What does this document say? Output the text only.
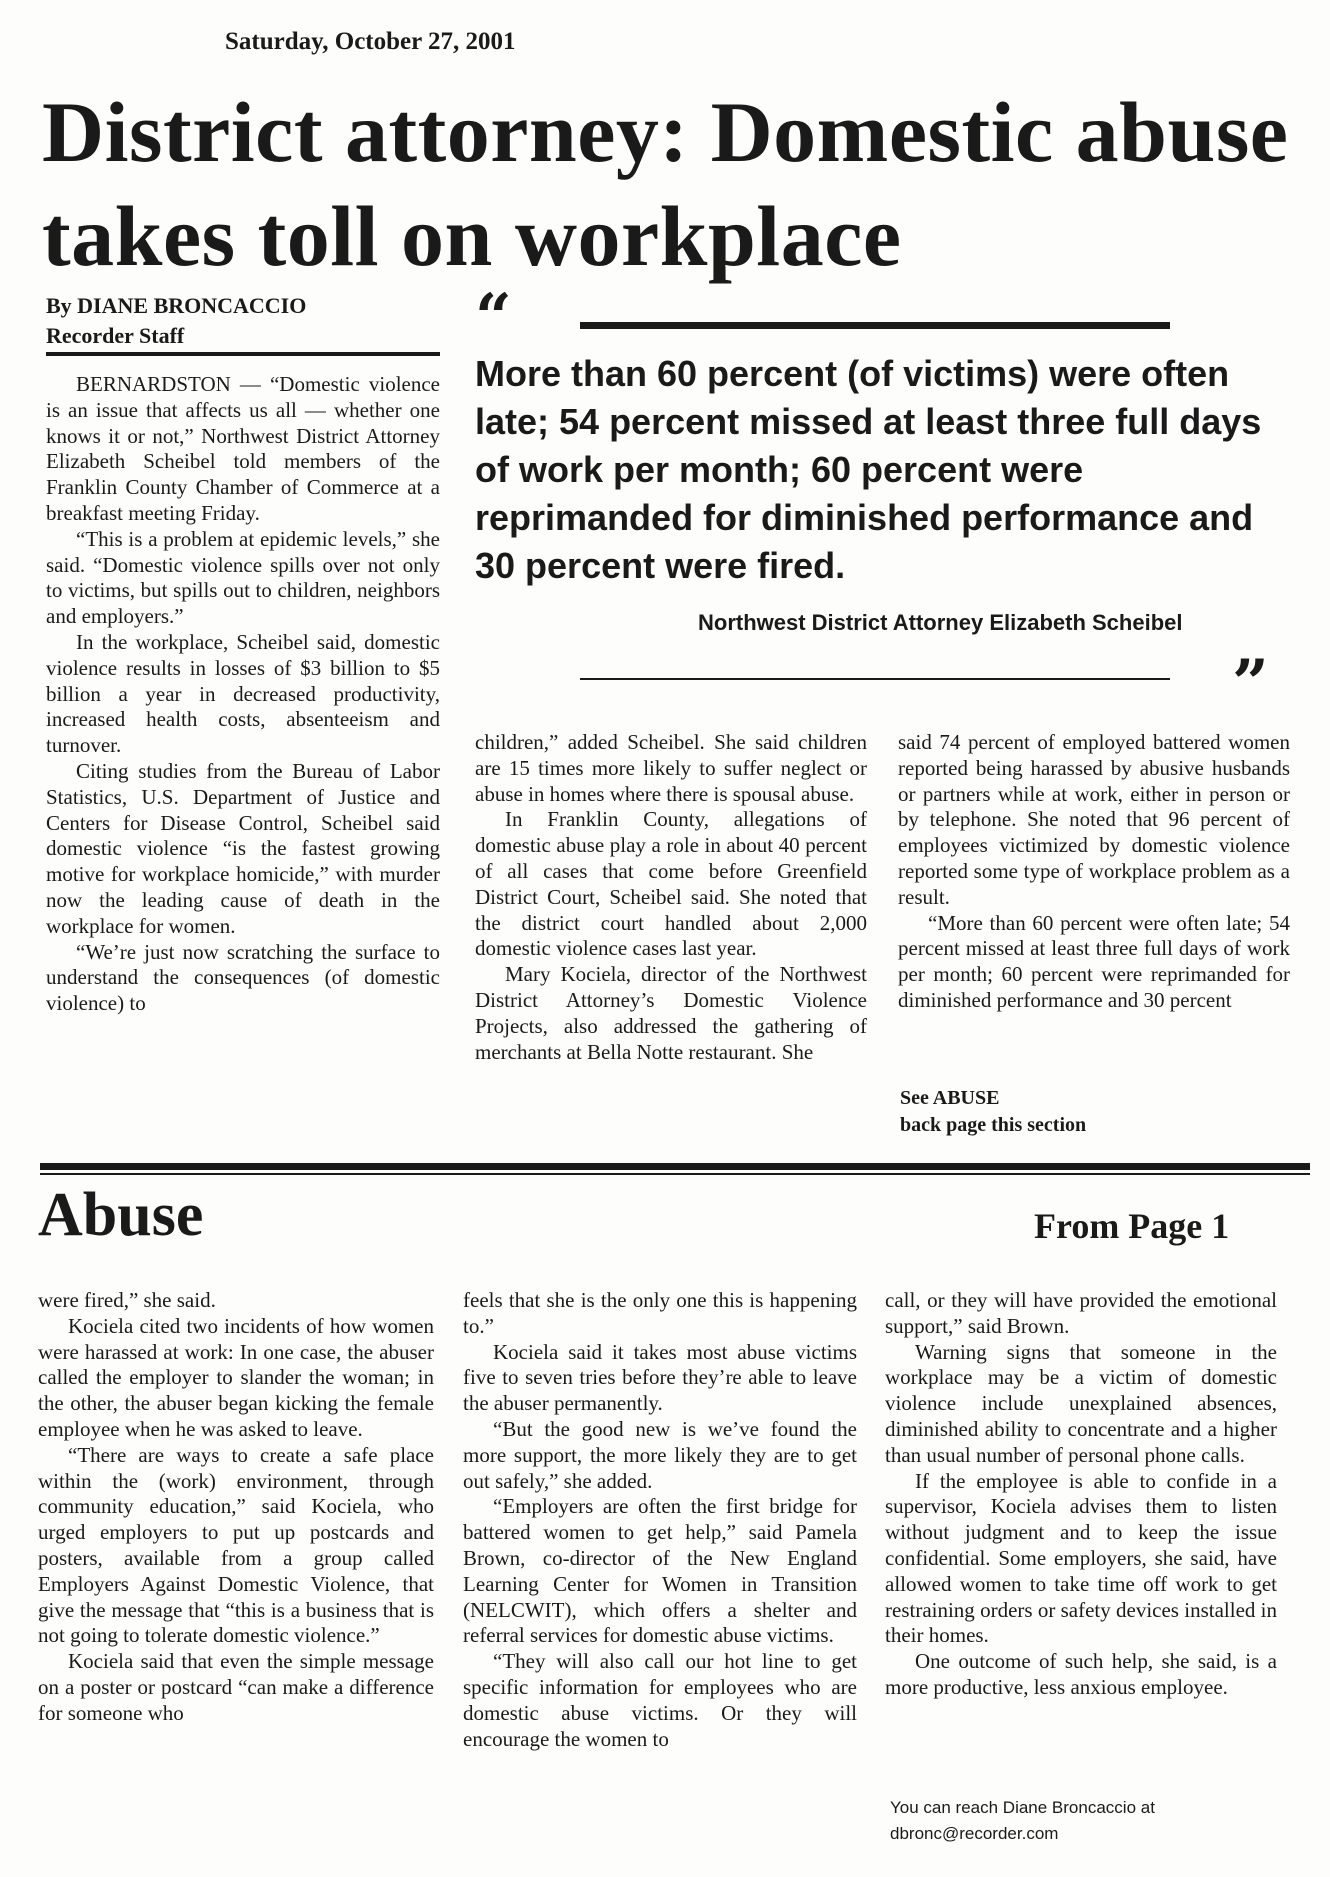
Saturday, October 27, 2001
District attorney: Domestic abuse takes toll on workplace
By DIANE BRONCACCIO
Recorder Staff	“
More than 60 percent (of victims) were often late; 54 percent missed at least three full days of work per month; 60 percent were reprimanded for diminished performance and 30 percent were fired.
Northwest District Attorney Elizabeth Scheibel
”

BERNARDSTON — “Domestic violence is an issue that affects us all — whether one knows it or not,” Northwest District Attorney Elizabeth Scheibel told members of the Franklin County Chamber of Commerce at a breakfast meeting Friday.

“This is a problem at epidemic levels,” she said. “Domestic violence spills over not only to victims, but spills out to children, neighbors and employers.”

In the workplace, Scheibel said, domestic violence results in losses of $3 billion to $5 billion a year in decreased productivity, increased health costs, absenteeism and turnover.

Citing studies from the Bureau of Labor Statistics, U.S. Department of Justice and Centers for Disease Control, Scheibel said domestic violence “is the fastest growing motive for workplace homicide,” with murder now the leading cause of death in the workplace for women.

“We’re just now scratching the surface to understand the consequences (of domestic violence) to

children,” added Scheibel. She said children are 15 times more likely to suffer neglect or abuse in homes where there is spousal abuse.

In Franklin County, allegations of domestic abuse play a role in about 40 percent of all cases that come before Greenfield District Court, Scheibel said. She noted that the district court handled about 2,000 domestic violence cases last year.

Mary Kociela, director of the Northwest District Attorney’s Domestic Violence Projects, also addressed the gathering of merchants at Bella Notte restaurant. She

said 74 percent of employed battered women reported being harassed by abusive husbands or partners while at work, either in person or by telephone. She noted that 96 percent of employees victimized by domestic violence reported some type of workplace problem as a result.

“More than 60 percent were often late; 54 percent missed at least three full days of work per month; 60 percent were reprimanded for diminished performance and 30 percent

See ABUSE
back page this section
Abuse	From Page 1

were fired,” she said.

Kociela cited two incidents of how women were harassed at work: In one case, the abuser called the employer to slander the woman; in the other, the abuser began kicking the female employee when he was asked to leave.

“There are ways to create a safe place within the (work) environment, through community education,” said Kociela, who urged employers to put up postcards and posters, available from a group called Employers Against Domestic Violence, that give the message that “this is a business that is not going to tolerate domestic violence.”

Kociela said that even the simple message on a poster or postcard “can make a difference for someone who

feels that she is the only one this is happening to.”

Kociela said it takes most abuse victims five to seven tries before they’re able to leave the abuser permanently.

“But the good new is we’ve found the more support, the more likely they are to get out safely,” she added.

“Employers are often the first bridge for battered women to get help,” said Pamela Brown, co-director of the New England Learning Center for Women in Transition (NELCWIT), which offers a shelter and referral services for domestic abuse victims.

“They will also call our hot line to get specific information for employees who are domestic abuse victims. Or they will encourage the women to

call, or they will have provided the emotional support,” said Brown.

Warning signs that someone in the workplace may be a victim of domestic violence include unexplained absences, diminished ability to concentrate and a higher than usual number of personal phone calls.

If the employee is able to confide in a supervisor, Kociela advises them to listen without judgment and to keep the issue confidential. Some employers, she said, have allowed women to take time off work to get restraining orders or safety devices installed in their homes.

One outcome of such help, she said, is a more productive, less anxious employee.

You can reach Diane Broncaccio at
dbronc@recorder.com
